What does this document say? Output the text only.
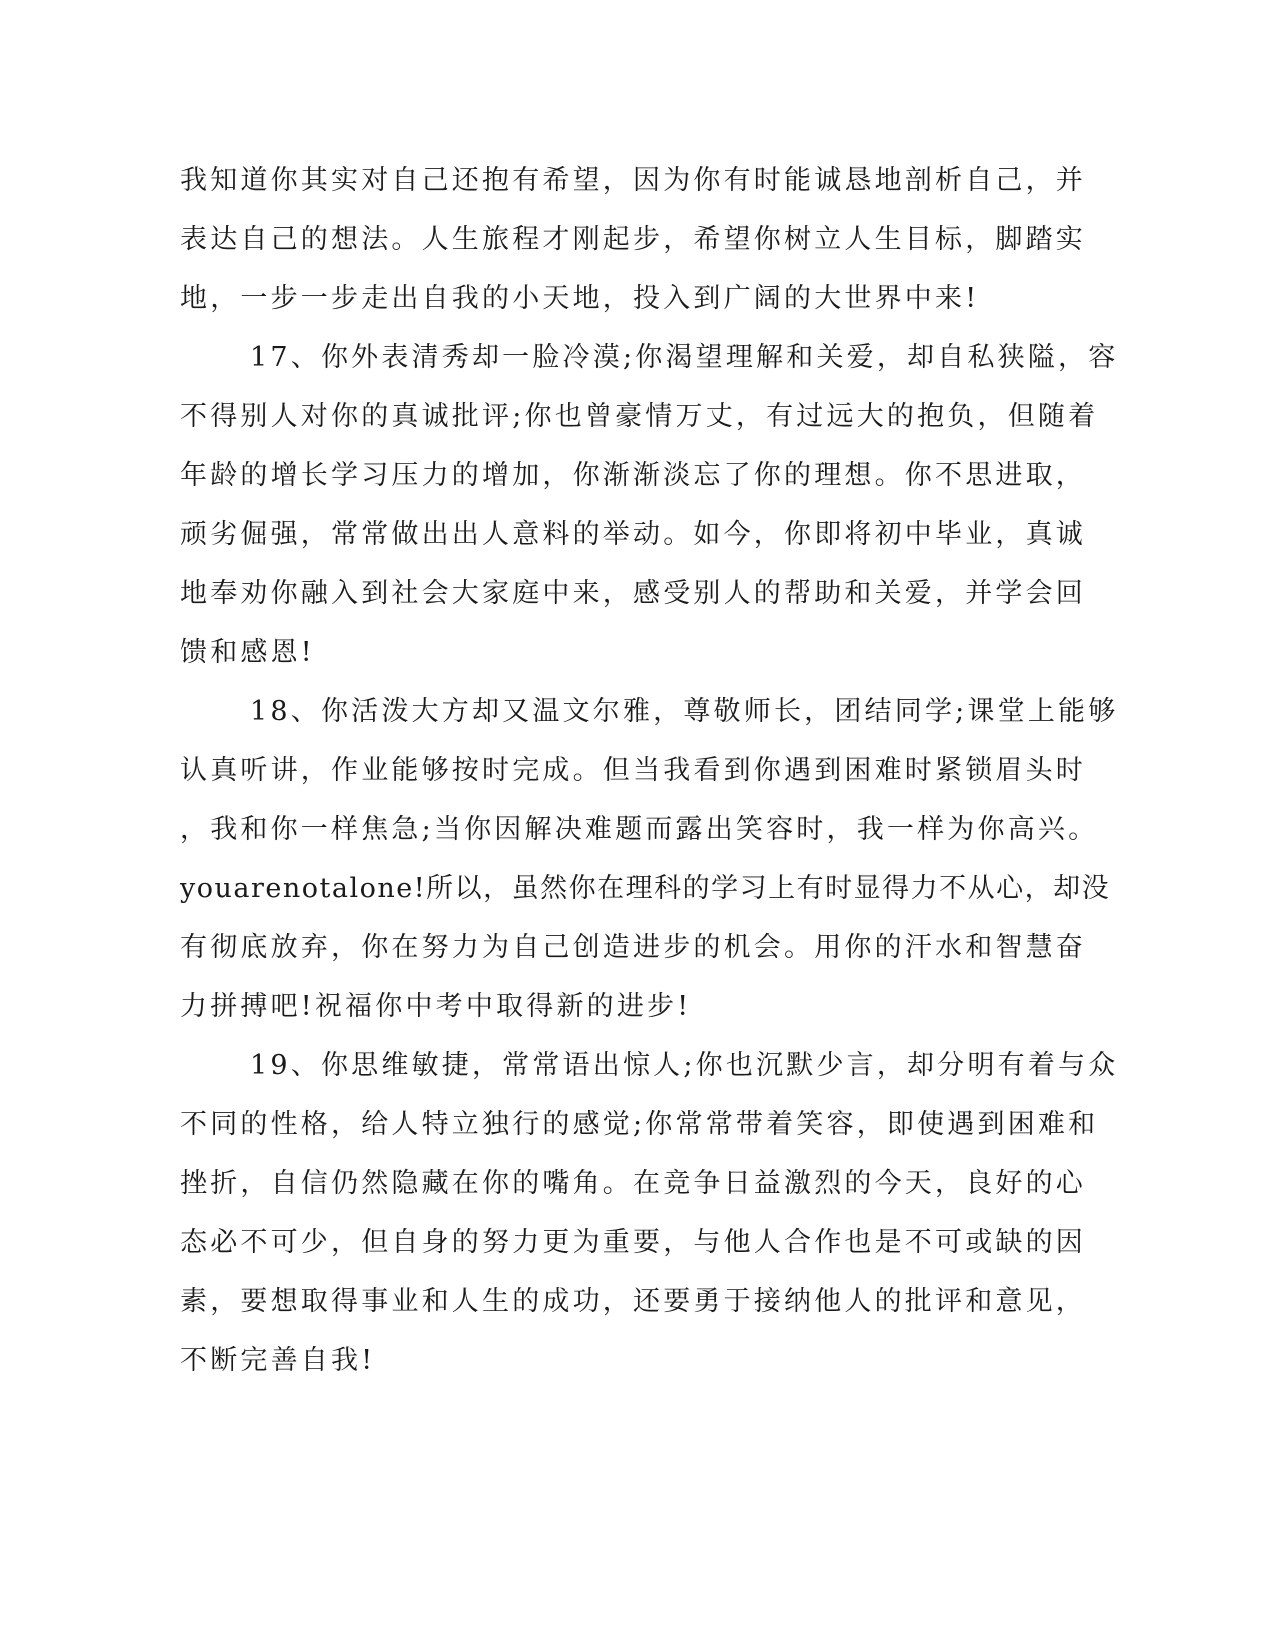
我知道你其实对自己还抱有希望，因为你有时能诚恳地剖析自己，并
表达自己的想法。人生旅程才刚起步，希望你树立人生目标，脚踏实
地，一步一步走出自我的小天地，投入到广阔的大世界中来!
17、你外表清秀却一脸冷漠;你渴望理解和关爱，却自私狭隘，容
不得别人对你的真诚批评;你也曾豪情万丈，有过远大的抱负，但随着
年龄的增长学习压力的增加，你渐渐淡忘了你的理想。你不思进取，
顽劣倔强，常常做出出人意料的举动。如今，你即将初中毕业，真诚
地奉劝你融入到社会大家庭中来，感受别人的帮助和关爱，并学会回
馈和感恩!
18、你活泼大方却又温文尔雅，尊敬师长，团结同学;课堂上能够
认真听讲，作业能够按时完成。但当我看到你遇到困难时紧锁眉头时
，我和你一样焦急;当你因解决难题而露出笑容时，我一样为你高兴。
youarenotalone!所以，虽然你在理科的学习上有时显得力不从心，却没
有彻底放弃，你在努力为自己创造进步的机会。用你的汗水和智慧奋
力拼搏吧!祝福你中考中取得新的进步!
19、你思维敏捷，常常语出惊人;你也沉默少言，却分明有着与众
不同的性格，给人特立独行的感觉;你常常带着笑容，即使遇到困难和
挫折，自信仍然隐藏在你的嘴角。在竞争日益激烈的今天，良好的心
态必不可少，但自身的努力更为重要，与他人合作也是不可或缺的因
素，要想取得事业和人生的成功，还要勇于接纳他人的批评和意见，
不断完善自我!
